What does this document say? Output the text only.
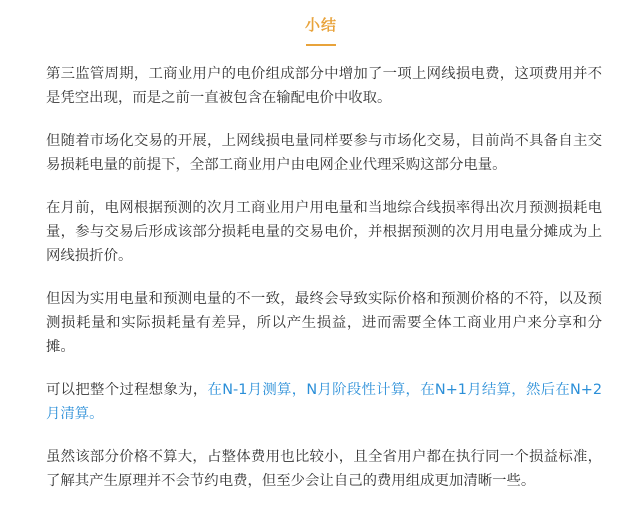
小结

第三监管周期，工商业用户的电价组成部分中增加了一项上网线损电费，这项费用并不是凭空出现，而是之前一直被包含在输配电价中收取。

但随着市场化交易的开展，上网线损电量同样要参与市场化交易，目前尚不具备自主交易损耗电量的前提下，全部工商业用户由电网企业代理采购这部分电量。

在月前，电网根据预测的次月工商业用户用电量和当地综合线损率得出次月预测损耗电量，参与交易后形成该部分损耗电量的交易电价，并根据预测的次月用电量分摊成为上网线损折价。

但因为实用电量和预测电量的不一致，最终会导致实际价格和预测价格的不符，以及预测损耗量和实际损耗量有差异，所以产生损益，进而需要全体工商业用户来分享和分摊。

可以把整个过程想象为，在N-1月测算，N月阶段性计算，在N+1月结算，然后在N+2月清算。

虽然该部分价格不算大，占整体费用也比较小，且全省用户都在执行同一个损益标准，了解其产生原理并不会节约电费，但至少会让自己的费用组成更加清晰一些。
